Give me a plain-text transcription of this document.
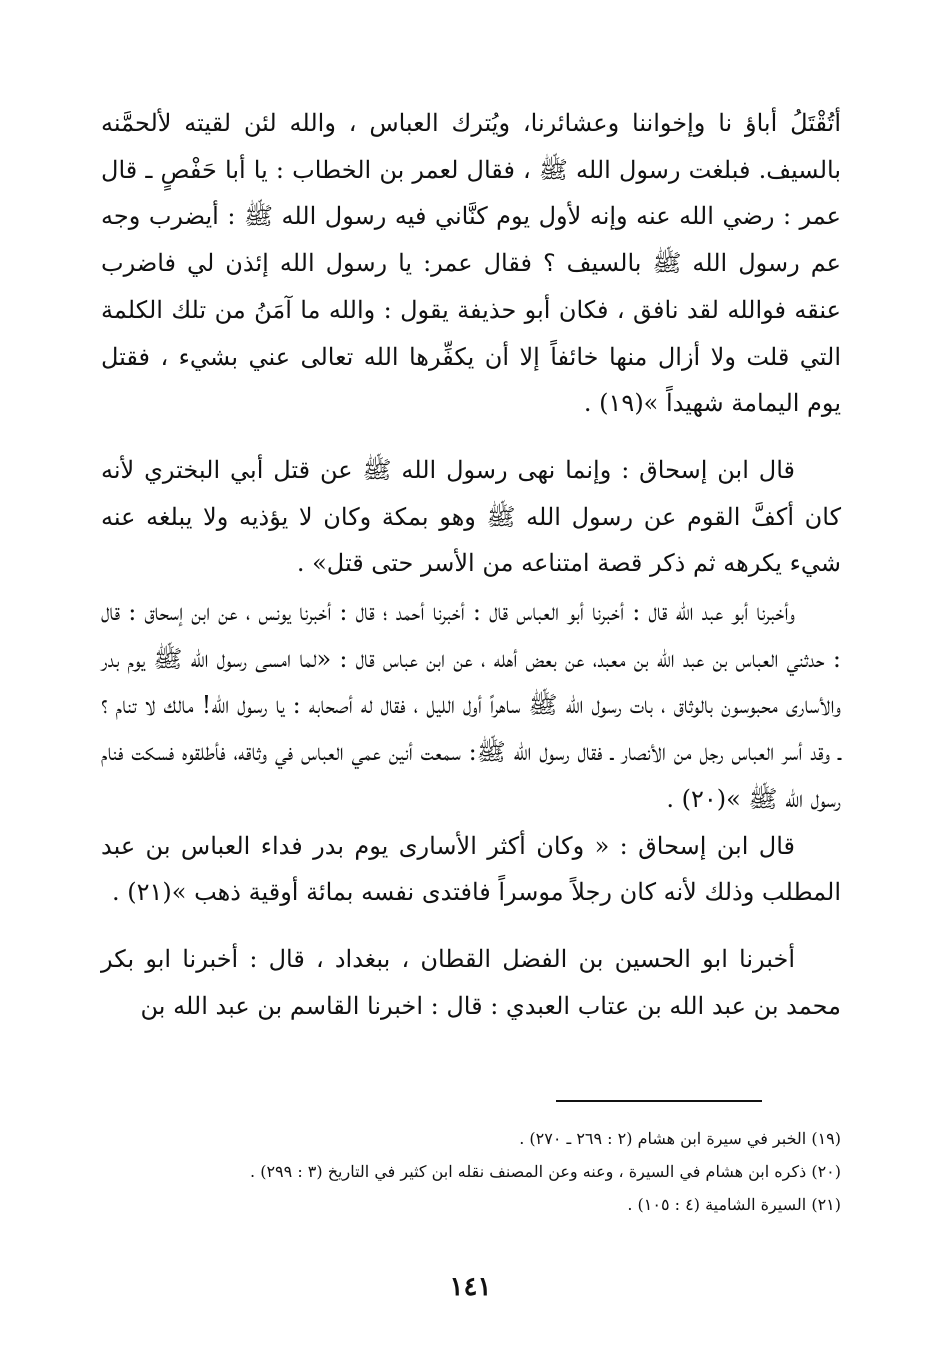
أتُقْتَلُ أباؤ نا وإخواننا وعشائرنا، ويُترك العباس ، والله لئن لقيته لألحمَّنه بالسيف. فبلغت رسول الله ﷺ ، فقال لعمر بن الخطاب : يا أبا حَفْصٍ ـ قال عمر : رضي الله عنه وإنه لأول يوم كنَّاني فيه رسول الله ﷺ : أيضرب وجه عم رسول الله ﷺ بالسيف ؟ فقال عمر: يا رسول الله إئذن لي فاضرب عنقه فوالله لقد نافق ، فكان أبو حذيفة يقول : والله ما آمَنُ من تلك الكلمة التي قلت ولا أزال منها خائفاً إلا أن يكفِّرها الله تعالى عني بشيء ، فقتل يوم اليمامة شهيداً »(١٩) .

قال ابن إسحاق : وإنما نهى رسول الله ﷺ عن قتل أبي البختري لأنه كان أكفَّ القوم عن رسول الله ﷺ وهو بمكة وكان لا يؤذيه ولا يبلغه عنه شيء يكرهه ثم ذكر قصة امتناعه من الأسر حتى قتل» .

وأخبرنا أبو عبد الله قال : أخبرنا أبو العباس قال : أخبرنا أحمد ؛ قال : أخبرنا يونس ، عن ابن إسحاق : قال : حدثني العباس بن عبد الله بن معبد، عن بعض أهله ، عن ابن عباس قال : «لما امسى رسول الله ﷺ يوم بدر والأسارى محبوسون بالوثاق ، بات رسول الله ﷺ ساهراً أول الليل ، فقال له أصحابه : يا رسول الله! مالك لا تنام ؟ ـ وقد أسر العباس رجل من الأنصار ـ فقال رسول الله ﷺ: سمعت أنين عمي العباس في وثاقه، فأطلقوه فسكت فنام رسول الله ﷺ »(٢٠) .

قال ابن إسحاق : « وكان أكثر الأسارى يوم بدر فداء العباس بن عبد المطلب وذلك لأنه كان رجلاً موسراً فافتدى نفسه بمائة أوقية ذهب »(٢١) .

أخبرنا ابو الحسين بن الفضل القطان ، ببغداد ، قال : أخبرنا ابو بكر محمد بن عبد الله بن عتاب العبدي : قال : اخبرنا القاسم بن عبد الله بن

(١٩) الخبر في سيرة ابن هشام (٢ : ٢٦٩ ـ ٢٧٠) .
(٢٠) ذكره ابن هشام في السيرة ، وعنه وعن المصنف نقله ابن كثير في التاريخ (٣ : ٢٩٩) .
(٢١) السيرة الشامية (٤ : ١٠٥) .
١٤١
